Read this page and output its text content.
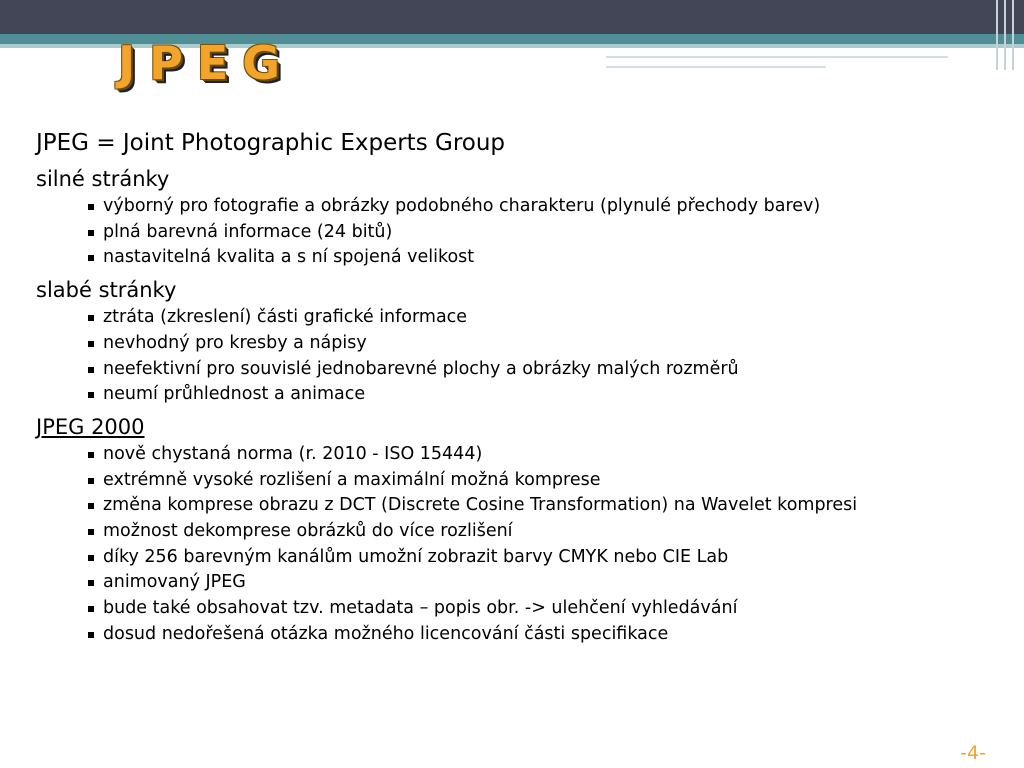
JPEG

JPEG = Joint Photographic Experts Group

silné stránky

výborný pro fotografie a obrázky podobného charakteru (plynulé přechody barev)
plná barevná informace (24 bitů)
nastavitelná kvalita a s ní spojená velikost

slabé stránky

ztráta (zkreslení) části grafické informace
nevhodný pro kresby a nápisy
neefektivní pro souvislé jednobarevné plochy a obrázky malých rozměrů
neumí průhlednost a animace

JPEG 2000

nově chystaná norma (r. 2010 - ISO 15444)
extrémně vysoké rozlišení a maximální možná komprese
změna komprese obrazu z DCT (Discrete Cosine Transformation) na Wavelet kompresi
možnost dekomprese obrázků do více rozlišení
díky 256 barevným kanálům umožní zobrazit barvy CMYK nebo CIE Lab
animovaný JPEG
bude také obsahovat tzv. metadata – popis obr. -> ulehčení vyhledávání
dosud nedořešená otázka možného licencování části specifikace
-4-
